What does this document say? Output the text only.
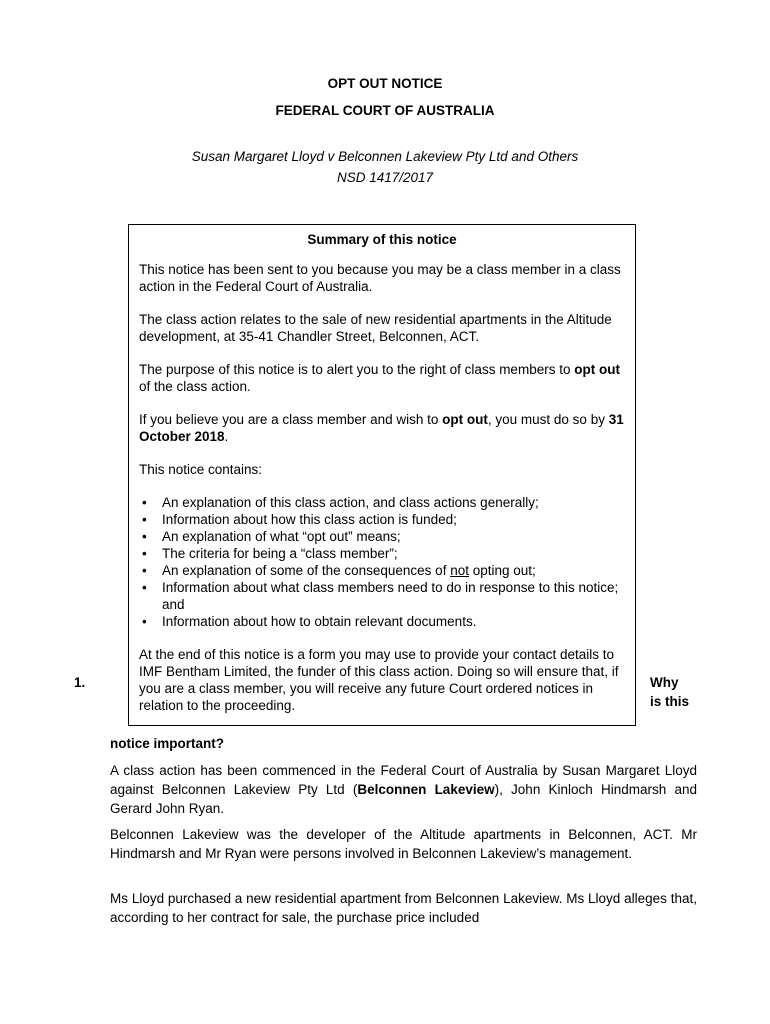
OPT OUT NOTICE
FEDERAL COURT OF AUSTRALIA
Susan Margaret Lloyd v Belconnen Lakeview Pty Ltd and Others
NSD 1417/2017
Summary of this notice

This notice has been sent to you because you may be a class member in a class action in the Federal Court of Australia.

The class action relates to the sale of new residential apartments in the Altitude development, at 35-41 Chandler Street, Belconnen, ACT.

The purpose of this notice is to alert you to the right of class members to opt out of the class action.

If you believe you are a class member and wish to opt out, you must do so by 31 October 2018.

This notice contains:

• An explanation of this class action, and class actions generally;
• Information about how this class action is funded;
• An explanation of what “opt out” means;
• The criteria for being a “class member”;
• An explanation of some of the consequences of not opting out;
• Information about what class members need to do in response to this notice; and
• Information about how to obtain relevant documents.

At the end of this notice is a form you may use to provide your contact details to IMF Bentham Limited, the funder of this class action. Doing so will ensure that, if you are a class member, you will receive any future Court ordered notices in relation to the proceeding.

1.	Why
is this
notice important?

A class action has been commenced in the Federal Court of Australia by Susan Margaret Lloyd against Belconnen Lakeview Pty Ltd (Belconnen Lakeview), John Kinloch Hindmarsh and Gerard John Ryan.

Belconnen Lakeview was the developer of the Altitude apartments in Belconnen, ACT. Mr Hindmarsh and Mr Ryan were persons involved in Belconnen Lakeview’s management.

Ms Lloyd purchased a new residential apartment from Belconnen Lakeview. Ms Lloyd alleges that, according to her contract for sale, the purchase price included
